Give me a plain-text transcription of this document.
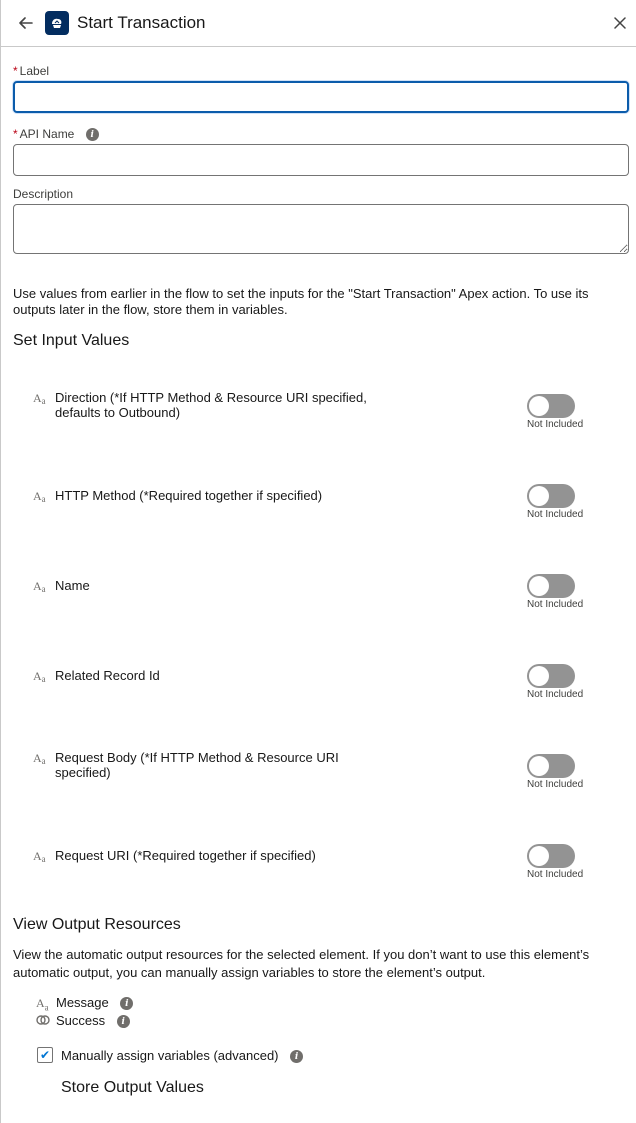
Start Transaction
* Label
* API Name i
Description
Use values from earlier in the flow to set the inputs for the "Start Transaction" Apex action. To use its outputs later in the flow, store them in variables.
Set Input Values
$A_a$ Direction (*If HTTP Method & Resource URI specified, defaults to Outbound)
Not Included
$A_a$ HTTP Method (*Required together if specified)
Not Included
$A_a$ Name
Not Included
$A_a$ Related Record Id
Not Included
$A_a$ Request Body (*If HTTP Method & Resource URI specified)
Not Included
$A_a$ Request URI (*Required together if specified)
Not Included
View Output Resources
View the automatic output resources for the selected element. If you don’t want to use this element’s automatic output, you can manually assign variables to store the element’s output.
$A_a$ Message i
Success i
✔ Manually assign variables (advanced) i
Store Output Values
